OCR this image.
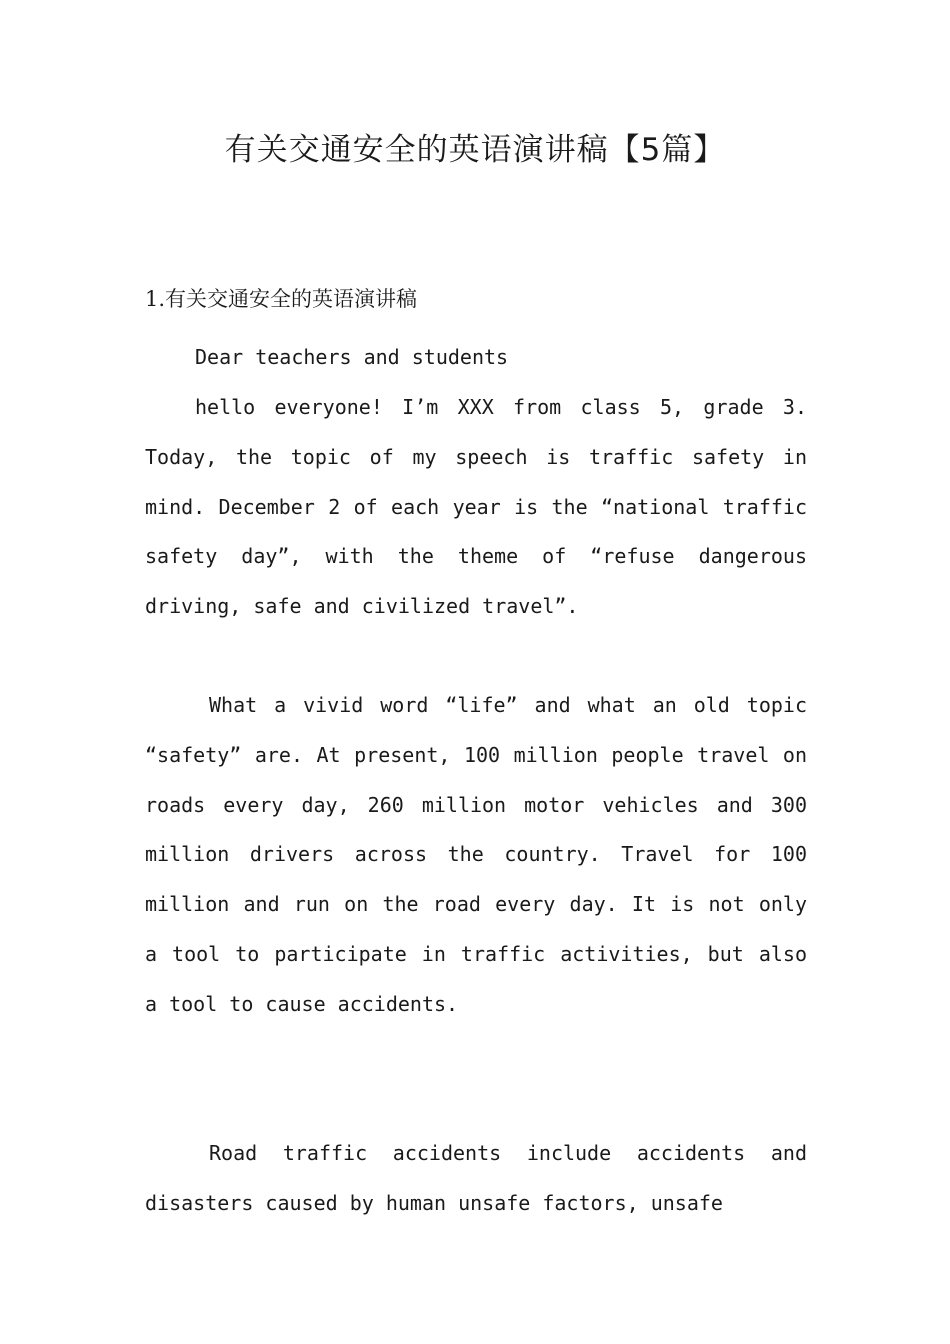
有关交通安全的英语演讲稿【5篇】
1.有关交通安全的英语演讲稿

Dear teachers and students

hello everyone! I’m XXX from class 5, grade 3. Today, the topic of my speech is traffic safety in mind. December 2 of each year is the “national traffic safety day”, with the theme of “refuse dangerous driving, safe and civilized travel”.

What a vivid word “life” and what an old topic “safety” are. At present, 100 million people travel on roads every day, 260 million motor vehicles and 300 million drivers across the country. Travel for 100 million and run on the road every day. It is not only a tool to participate in traffic activities, but also a tool to cause accidents.

Road traffic accidents include accidents and disasters caused by human unsafe factors, unsafe
